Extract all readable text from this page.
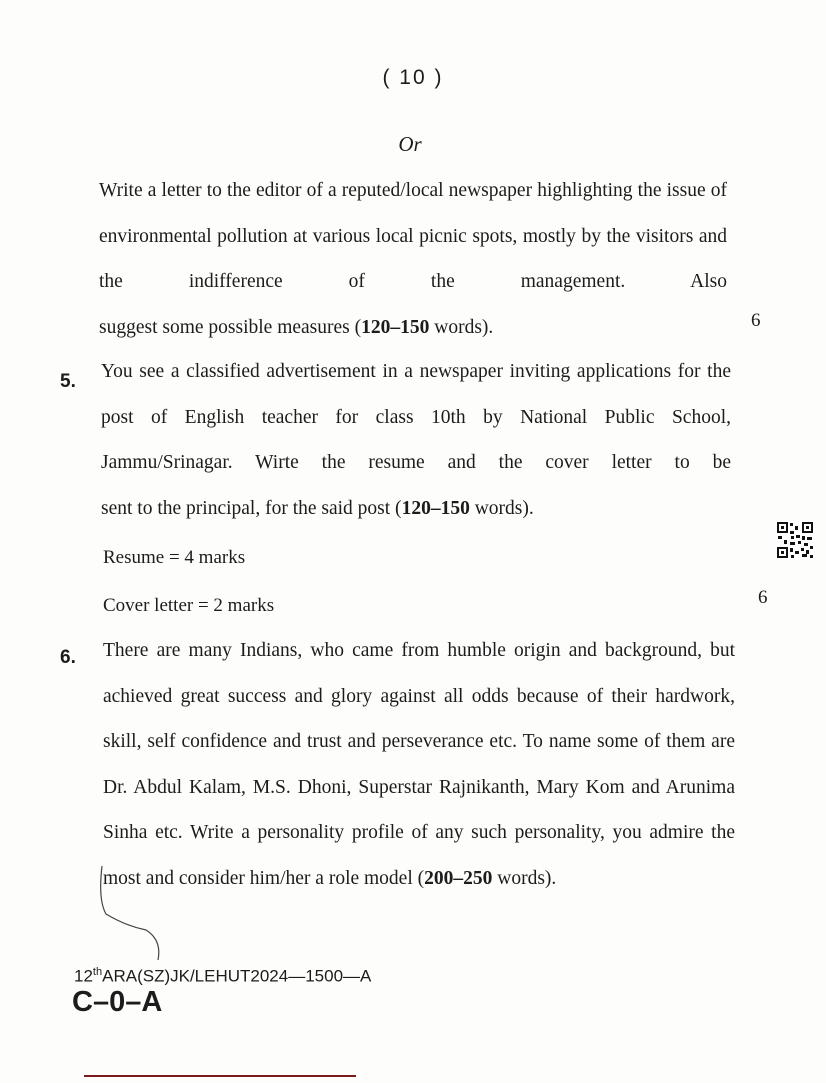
( 10 )
Or
Write a letter to the editor of a reputed/local newspaper highlighting the issue of environmental pollution at various local picnic spots, mostly by the visitors and the indifference of the management. Also
suggest some possible measures (120–150 words).	6
5. You see a classified advertisement in a newspaper inviting applications for the post of English teacher for class 10th by National Public School, Jammu/Srinagar. Wirte the resume and the cover letter to be
sent to the principal, for the said post (120–150 words).
Resume = 4 marks
Cover letter = 2 marks	6
6. There are many Indians, who came from humble origin and background, but achieved great success and glory against all odds because of their hardwork, skill, self confidence and trust and perseverance etc. To name some of them are Dr. Abdul Kalam, M.S. Dhoni, Superstar Rajnikanth, Mary Kom and Arunima Sinha etc. Write a personality profile of any such personality, you admire the
most and consider him/her a role model (200–250 words).
12thARA(SZ)JK/LEHUT2024—1500—A
C–0–A
